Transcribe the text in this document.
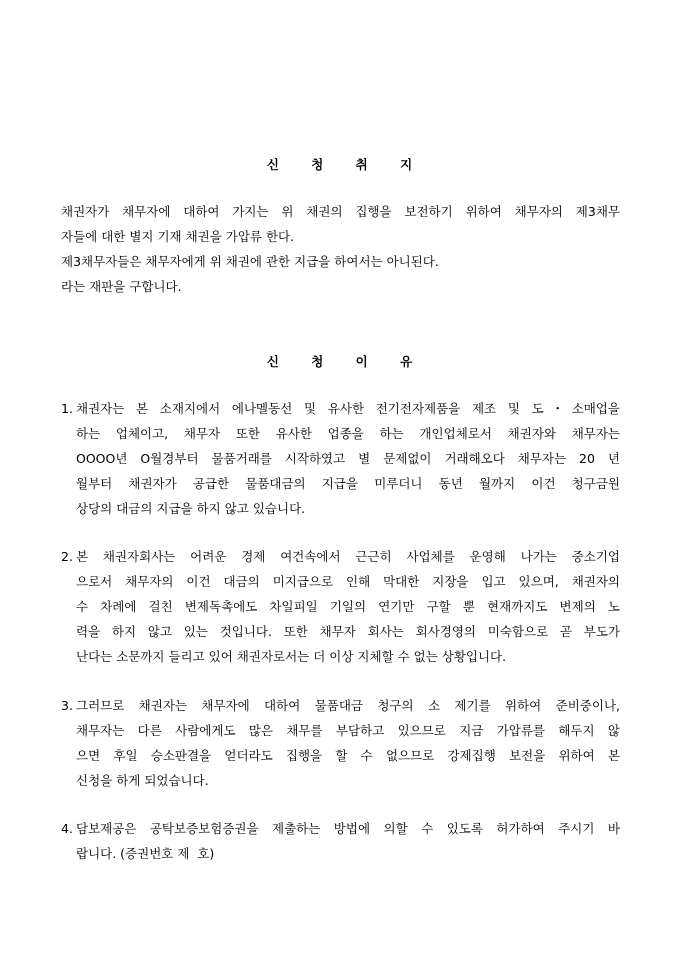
신 청 취 지
채권자가 채무자에 대하여 가지는 위 채권의 집행을 보전하기 위하여 채무자의 제3채무
자들에 대한 별지 기재 채권을 가압류 한다.
제3채무자들은 채무자에게 위 채권에 관한 지급을 하여서는 아니된다.
라는 재판을 구합니다.
신 청 이 유
1. 채권자는 본 소재지에서 에나멜동선 및 유사한 전기전자제품을 제조 및 도・소매업을
하는 업체이고, 채무자 또한 유사한 업종을 하는 개인업체로서 채권자와 채무자는
OOOO년 O월경부터 물품거래를 시작하였고 별 문제없이 거래해오다 채무자는 20 년
월부터 채권자가 공급한 물품대금의 지급을 미루더니 동년 월까지 이건 청구금원
상당의 대금의 지급을 하지 않고 있습니다.
2. 본 채권자회사는 어려운 경제 여건속에서 근근히 사업체를 운영해 나가는 중소기업
으로서 채무자의 이건 대금의 미지급으로 인해 막대한 지장을 입고 있으며, 채권자의
수 차례에 걸친 변제독촉에도 차일피일 기일의 연기만 구할 뿐 현재까지도 변제의 노
력을 하지 않고 있는 것입니다. 또한 채무자 회사는 회사경영의 미숙함으로 곧 부도가
난다는 소문까지 들리고 있어 채권자로서는 더 이상 지체할 수 없는 상황입니다.
3. 그러므로 채권자는 채무자에 대하여 물품대금 청구의 소 제기를 위하여 준비중이나,
채무자는 다른 사람에게도 많은 채무를 부담하고 있으므로 지금 가압류를 해두지 않
으면 후일 승소판결을 얻더라도 집행을 할 수 없으므로 강제집행 보전을 위하여 본
신청을 하게 되었습니다.
4. 담보제공은 공탁보증보험증권을 제출하는 방법에 의할 수 있도록 허가하여 주시기 바
랍니다. (증권번호 제  호)
